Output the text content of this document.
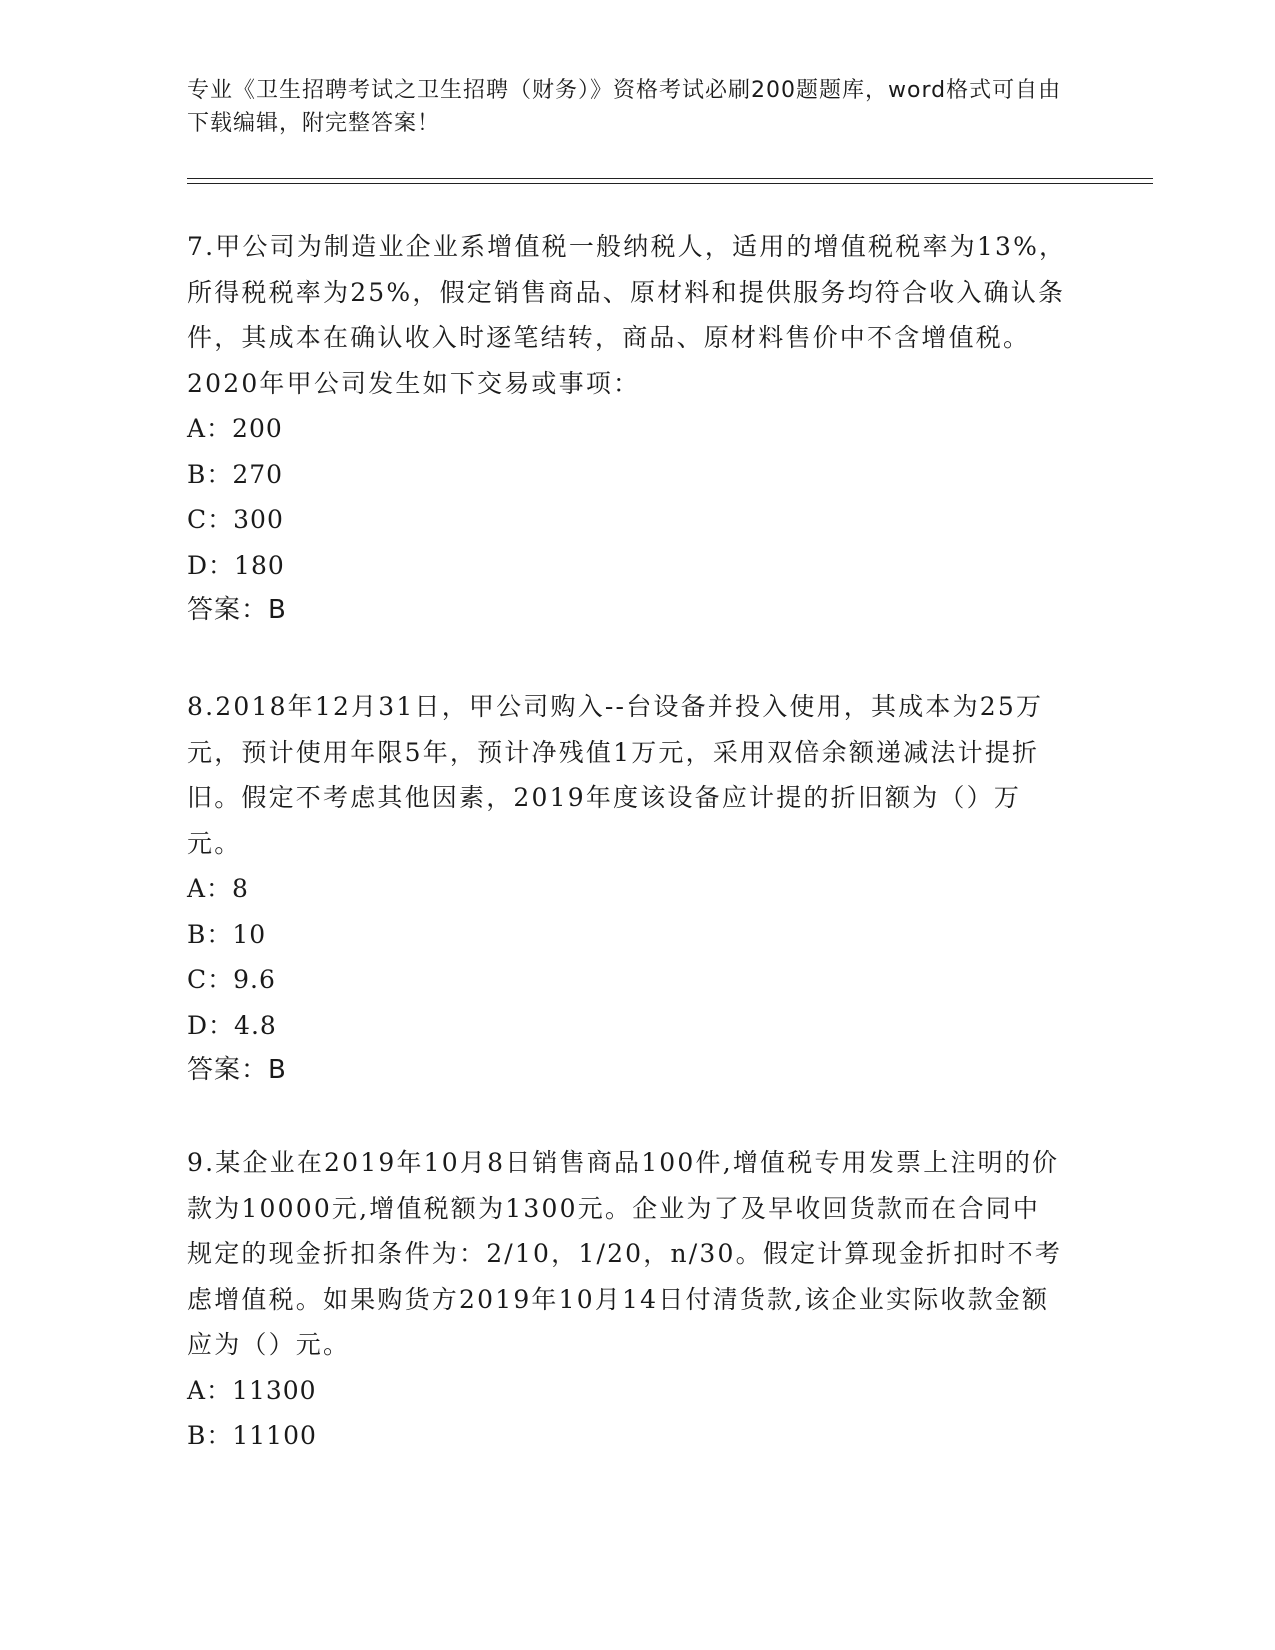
专业《卫生招聘考试之卫生招聘（财务）》资格考试必刷200题题库，word格式可自由下载编辑，附完整答案！

7.甲公司为制造业企业系增值税一般纳税人，适用的增值税税率为13%，所得税税率为25%，假定销售商品、原材料和提供服务均符合收入确认条件，其成本在确认收入时逐笔结转，商品、原材料售价中不含增值税。2020年甲公司发生如下交易或事项：

A：200

B：270

C：300

D：180

答案：B

8.2018年12月31日，甲公司购入--台设备并投入使用，其成本为25万元，预计使用年限5年，预计净残值1万元，采用双倍余额递减法计提折旧。假定不考虑其他因素，2019年度该设备应计提的折旧额为（）万元。

A：8

B：10

C：9.6

D：4.8

答案：B

9.某企业在2019年10月8日销售商品100件,增值税专用发票上注明的价款为10000元,增值税额为1300元。企业为了及早收回货款而在合同中规定的现金折扣条件为：2/10，1/20，n/30。假定计算现金折扣时不考虑增值税。如果购货方2019年10月14日付清货款,该企业实际收款金额应为（）元。

A：11300

B：11100
